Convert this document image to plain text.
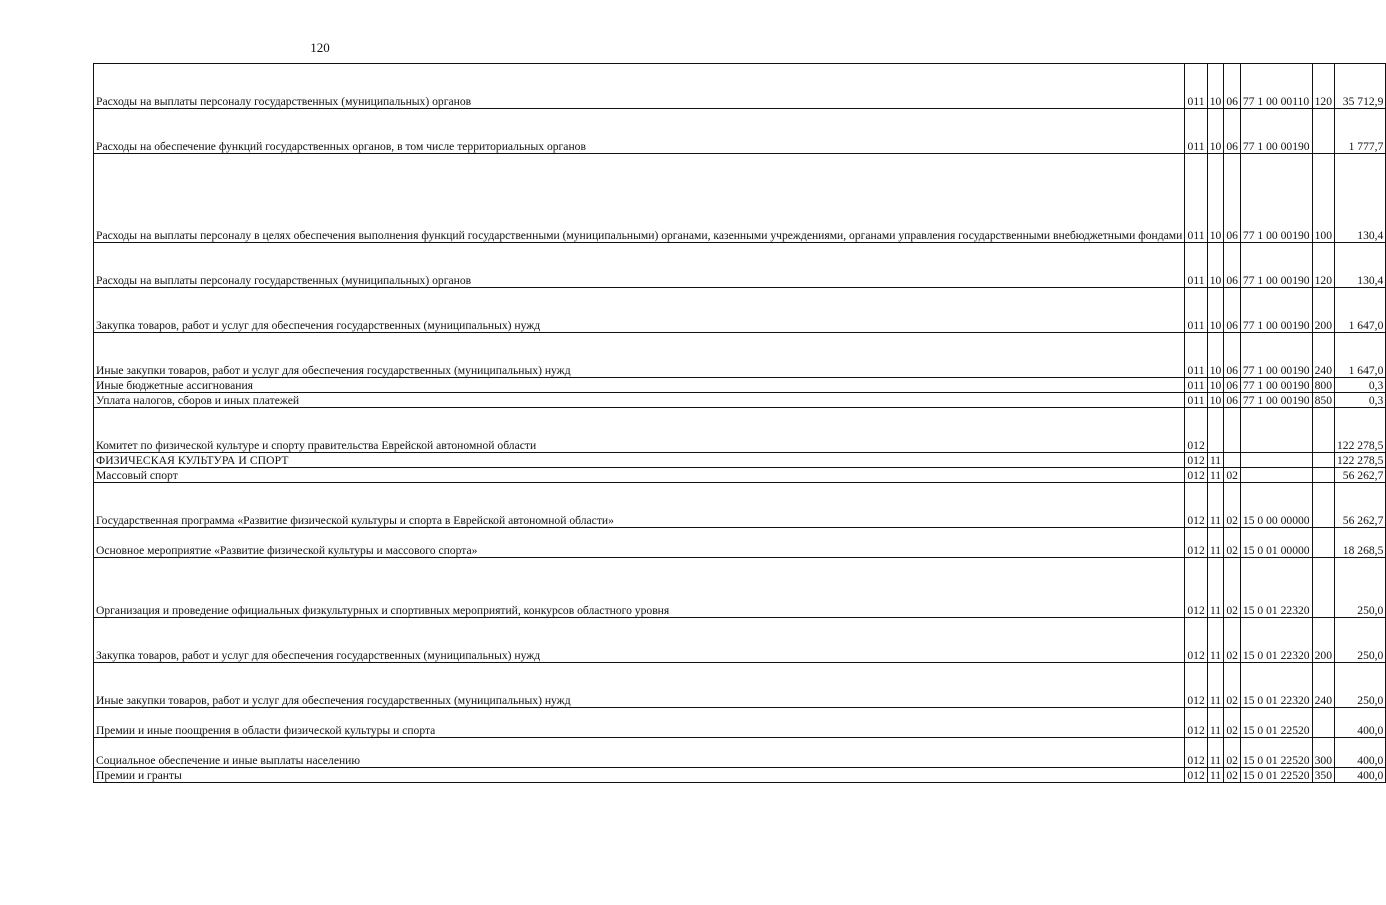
120
Расходы на выплаты персоналу государственных (муниципальных) органов	011	10	06	77 1 00 00110	120	35 712,9
Расходы на обеспечение функций государственных органов, в том числе территориальных органов	011	10	06	77 1 00 00190		1 777,7
Расходы на выплаты персоналу в целях обеспечения выполнения функций государственными (муниципальными) органами, казенными учреждениями, органами управления государственными внебюджетными фондами	011	10	06	77 1 00 00190	100	130,4
Расходы на выплаты персоналу государственных (муниципальных) органов	011	10	06	77 1 00 00190	120	130,4
Закупка товаров, работ и услуг для обеспечения государственных (муниципальных) нужд	011	10	06	77 1 00 00190	200	1 647,0
Иные закупки товаров, работ и услуг для обеспечения государственных (муниципальных) нужд	011	10	06	77 1 00 00190	240	1 647,0
Иные бюджетные ассигнования	011	10	06	77 1 00 00190	800	0,3
Уплата налогов, сборов и иных платежей	011	10	06	77 1 00 00190	850	0,3
Комитет по физической культуре и спорту правительства Еврейской автономной области	012					122 278,5
ФИЗИЧЕСКАЯ КУЛЬТУРА И СПОРТ	012	11				122 278,5
Массовый спорт	012	11	02			56 262,7
Государственная программа «Развитие физической культуры и спорта в Еврейской автономной области»	012	11	02	15 0 00 00000		56 262,7
Основное мероприятие «Развитие физической культуры и массового спорта»	012	11	02	15 0 01 00000		18 268,5
Организация и проведение официальных физкультурных и спортивных мероприятий, конкурсов областного уровня	012	11	02	15 0 01 22320		250,0
Закупка товаров, работ и услуг для обеспечения государственных (муниципальных) нужд	012	11	02	15 0 01 22320	200	250,0
Иные закупки товаров, работ и услуг для обеспечения государственных (муниципальных) нужд	012	11	02	15 0 01 22320	240	250,0
Премии и иные поощрения в области физической культуры и спорта	012	11	02	15 0 01 22520		400,0
Социальное обеспечение и иные выплаты населению	012	11	02	15 0 01 22520	300	400,0
Премии и гранты	012	11	02	15 0 01 22520	350	400,0
